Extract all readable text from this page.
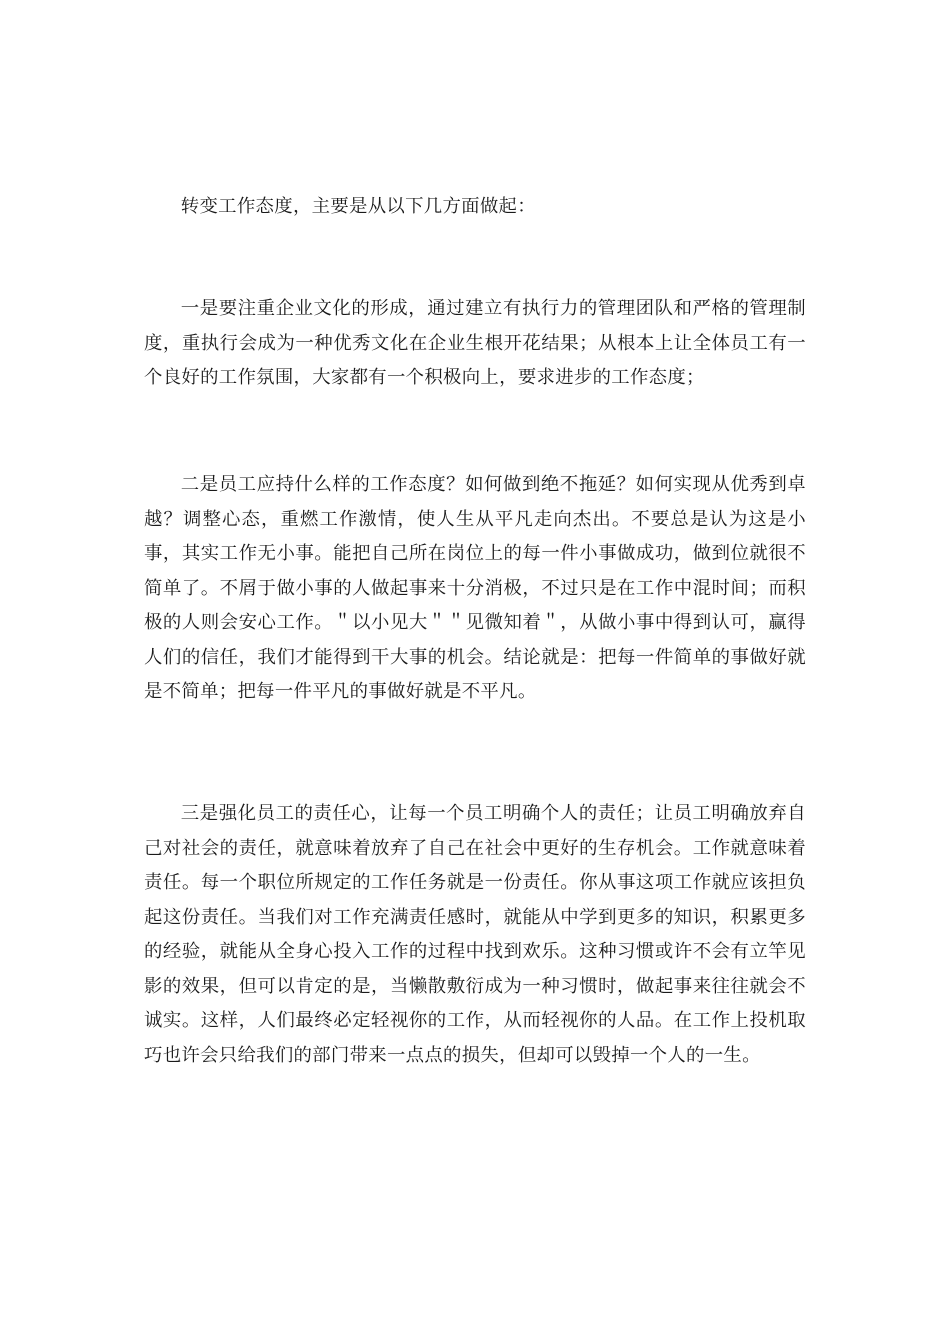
转变工作态度，主要是从以下几方面做起：

一是要注重企业文化的形成，通过建立有执行力的管理团队和严格的管理制度，重执行会成为一种优秀文化在企业生根开花结果；从根本上让全体员工有一个良好的工作氛围，大家都有一个积极向上，要求进步的工作态度；

二是员工应持什么样的工作态度？如何做到绝不拖延？如何实现从优秀到卓越？调整心态，重燃工作激情，使人生从平凡走向杰出。不要总是认为这是小事，其实工作无小事。能把自己所在岗位上的每一件小事做成功，做到位就很不简单了。不屑于做小事的人做起事来十分消极，不过只是在工作中混时间；而积极的人则会安心工作。＂以小见大＂＂见微知着＂，从做小事中得到认可，赢得人们的信任，我们才能得到干大事的机会。结论就是：把每一件简单的事做好就是不简单；把每一件平凡的事做好就是不平凡。

三是强化员工的责任心，让每一个员工明确个人的责任；让员工明确放弃自己对社会的责任，就意味着放弃了自己在社会中更好的生存机会。工作就意味着责任。每一个职位所规定的工作任务就是一份责任。你从事这项工作就应该担负起这份责任。当我们对工作充满责任感时，就能从中学到更多的知识，积累更多的经验，就能从全身心投入工作的过程中找到欢乐。这种习惯或许不会有立竿见影的效果，但可以肯定的是，当懒散敷衍成为一种习惯时，做起事来往往就会不诚实。这样，人们最终必定轻视你的工作，从而轻视你的人品。在工作上投机取巧也许会只给我们的部门带来一点点的损失，但却可以毁掉一个人的一生。
